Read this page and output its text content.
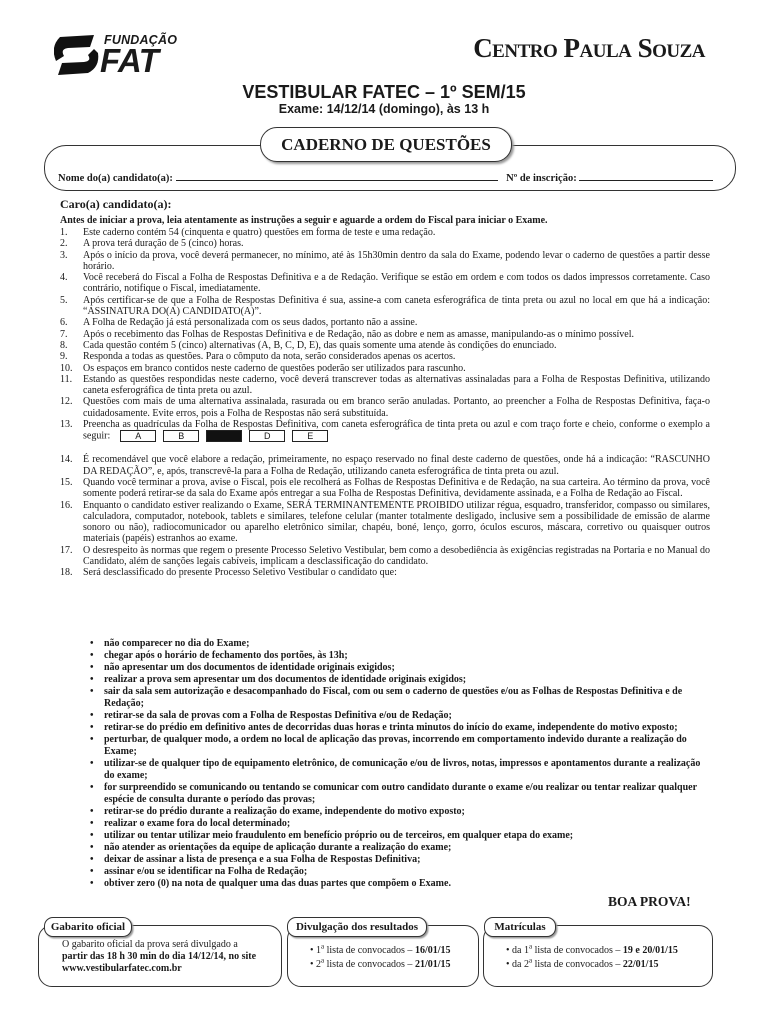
FUNDAÇÃO
FAT	Centro Paula Souza
VESTIBULAR FATEC – 1º SEM/15
Exame: 14/12/14 (domingo), às 13 h
CADERNO DE QUESTÕES
Nome do(a) candidato(a):	Nº de inscrição:
Caro(a) candidato(a):
Antes de iniciar a prova, leia atentamente as instruções a seguir e aguarde a ordem do Fiscal para iniciar o Exame.
1.	Este caderno contém 54 (cinquenta e quatro) questões em forma de teste e uma redação.
2.	A prova terá duração de 5 (cinco) horas.
3.	Após o início da prova, você deverá permanecer, no mínimo, até às 15h30min dentro da sala do Exame, podendo levar o caderno de questões a partir desse horário.
4.	Você receberá do Fiscal a Folha de Respostas Definitiva e a de Redação. Verifique se estão em ordem e com todos os dados impressos corretamente. Caso contrário, notifique o Fiscal, imediatamente.
5.	Após certificar-se de que a Folha de Respostas Definitiva é sua, assine-a com caneta esferográfica de tinta preta ou azul no local em que há a indicação: “ASSINATURA DO(A) CANDIDATO(A)”.
6.	A Folha de Redação já está personalizada com os seus dados, portanto não a assine.
7.	Após o recebimento das Folhas de Respostas Definitiva e de Redação, não as dobre e nem as amasse, manipulando-as o mínimo possível.
8.	Cada questão contém 5 (cinco) alternativas (A, B, C, D, E), das quais somente uma atende às condições do enunciado.
9.	Responda a todas as questões. Para o cômputo da nota, serão considerados apenas os acertos.
10.	Os espaços em branco contidos neste caderno de questões poderão ser utilizados para rascunho.
11.	Estando as questões respondidas neste caderno, você deverá transcrever todas as alternativas assinaladas para a Folha de Respostas Definitiva, utilizando caneta esferográfica de tinta preta ou azul.
12.	Questões com mais de uma alternativa assinalada, rasurada ou em branco serão anuladas. Portanto, ao preencher a Folha de Respostas Definitiva, faça-o cuidadosamente. Evite erros, pois a Folha de Respostas não será substituída.
13.	Preencha as quadrículas da Folha de Respostas Definitiva, com caneta esferográfica de tinta preta ou azul e com traço forte e cheio, conforme o exemplo a seguir:	A	B	D	E
14.	É recomendável que você elabore a redação, primeiramente, no espaço reservado no final deste caderno de questões, onde há a indicação: “RASCUNHO DA REDAÇÃO”, e, após, transcrevê-la para a Folha de Redação, utilizando caneta esferográfica de tinta preta ou azul.
15.	Quando você terminar a prova, avise o Fiscal, pois ele recolherá as Folhas de Respostas Definitiva e de Redação, na sua carteira. Ao término da prova, você somente poderá retirar-se da sala do Exame após entregar a sua Folha de Respostas Definitiva, devidamente assinada, e a Folha de Redação ao Fiscal.
16.	Enquanto o candidato estiver realizando o Exame, SERÁ TERMINANTEMENTE PROIBIDO utilizar régua, esquadro, transferidor, compasso ou similares, calculadora, computador, notebook, tablets e similares, telefone celular (manter totalmente desligado, inclusive sem a possibilidade de emissão de alarme sonoro ou não), radiocomunicador ou aparelho eletrônico similar, chapéu, boné, lenço, gorro, óculos escuros, máscara, corretivo ou quaisquer outros materiais (papéis) estranhos ao exame.
17.	O desrespeito às normas que regem o presente Processo Seletivo Vestibular, bem como a desobediência às exigências registradas na Portaria e no Manual do Candidato, além de sanções legais cabíveis, implicam a desclassificação do candidato.
18.	Será desclassificado do presente Processo Seletivo Vestibular o candidato que:
• não comparecer no dia do Exame;
• chegar após o horário de fechamento dos portões, às 13h;
• não apresentar um dos documentos de identidade originais exigidos;
• realizar a prova sem apresentar um dos documentos de identidade originais exigidos;
• sair da sala sem autorização e desacompanhado do Fiscal, com ou sem o caderno de questões e/ou as Folhas de Respostas Definitiva e de Redação;
• retirar-se da sala de provas com a Folha de Respostas Definitiva e/ou de Redação;
• retirar-se do prédio em definitivo antes de decorridas duas horas e trinta minutos do início do exame, independente do motivo exposto;
• perturbar, de qualquer modo, a ordem no local de aplicação das provas, incorrendo em comportamento indevido durante a realização do Exame;
• utilizar-se de qualquer tipo de equipamento eletrônico, de comunicação e/ou de livros, notas, impressos e apontamentos durante a realização do exame;
• for surpreendido se comunicando ou tentando se comunicar com outro candidato durante o exame e/ou realizar ou tentar realizar qualquer espécie de consulta durante o período das provas;
• retirar-se do prédio durante a realização do exame, independente do motivo exposto;
• realizar o exame fora do local determinado;
• utilizar ou tentar utilizar meio fraudulento em benefício próprio ou de terceiros, em qualquer etapa do exame;
• não atender as orientações da equipe de aplicação durante a realização do exame;
• deixar de assinar a lista de presença e a sua Folha de Respostas Definitiva;
• assinar e/ou se identificar na Folha de Redação;
• obtiver zero (0) na nota de qualquer uma das duas partes que compõem o Exame.
BOA PROVA!
Gabarito oficial
O gabarito oficial da prova será divulgado a
partir das 18 h 30 min do dia 14/12/14, no site
www.vestibularfatec.com.br
Divulgação dos resultados
• 1$^a$ lista de convocados – 16/01/15
• 2$^a$ lista de convocados – 21/01/15
Matrículas
• da 1$^a$ lista de convocados – 19 e 20/01/15
• da 2$^a$ lista de convocados – 22/01/15
